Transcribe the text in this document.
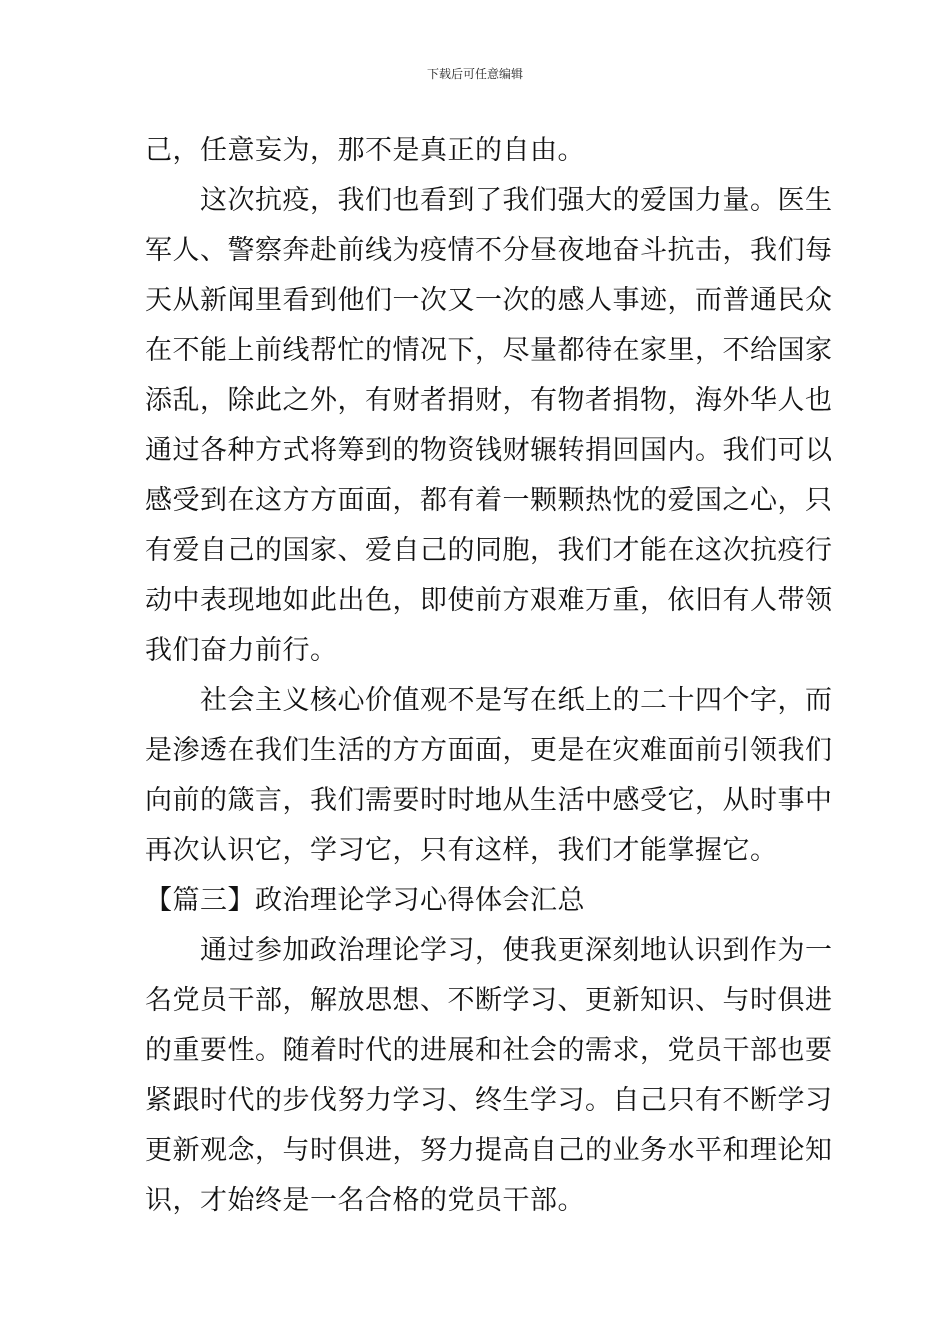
下载后可任意编辑
己，任意妄为，那不是真正的自由。
这次抗疫，我们也看到了我们强大的爱国力量。医生
军人、警察奔赴前线为疫情不分昼夜地奋斗抗击，我们每
天从新闻里看到他们一次又一次的感人事迹，而普通民众
在不能上前线帮忙的情况下，尽量都待在家里，不给国家
添乱，除此之外，有财者捐财，有物者捐物，海外华人也
通过各种方式将筹到的物资钱财辗转捐回国内。我们可以
感受到在这方方面面，都有着一颗颗热忱的爱国之心，只
有爱自己的国家、爱自己的同胞，我们才能在这次抗疫行
动中表现地如此出色，即使前方艰难万重，依旧有人带领
我们奋力前行。
社会主义核心价值观不是写在纸上的二十四个字，而
是渗透在我们生活的方方面面，更是在灾难面前引领我们
向前的箴言，我们需要时时地从生活中感受它，从时事中
再次认识它，学习它，只有这样，我们才能掌握它。
【篇三】政治理论学习心得体会汇总
通过参加政治理论学习，使我更深刻地认识到作为一
名党员干部，解放思想、不断学习、更新知识、与时俱进
的重要性。随着时代的进展和社会的需求，党员干部也要
紧跟时代的步伐努力学习、终生学习。自己只有不断学习
更新观念，与时俱进，努力提高自己的业务水平和理论知
识，才始终是一名合格的党员干部。
